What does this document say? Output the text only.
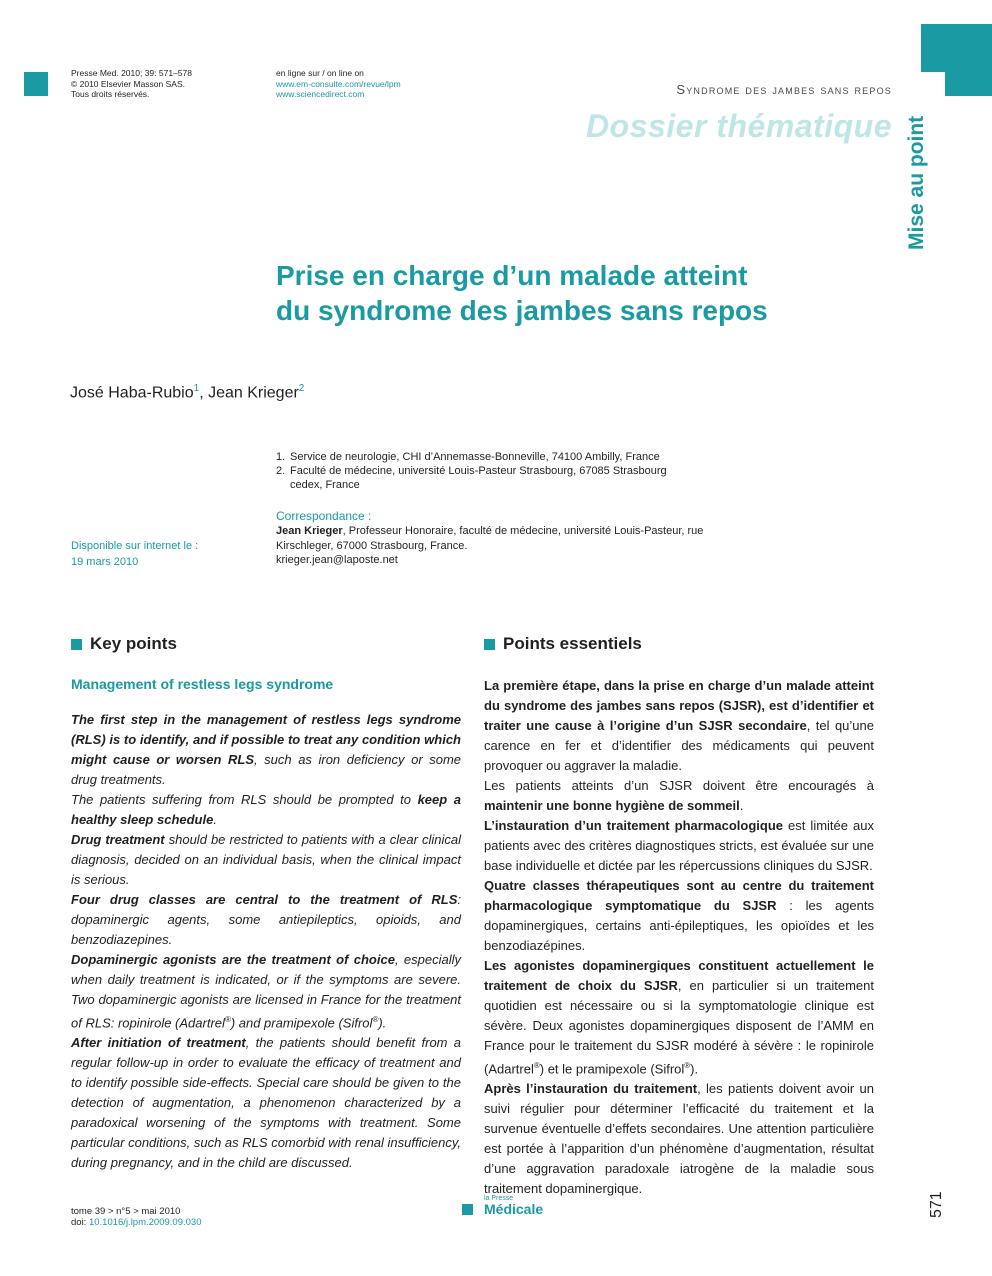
Presse Med. 2010; 39: 571–578
© 2010 Elsevier Masson SAS.
Tous droits réservés.
en ligne sur / on line on
www.em-consulte.com/revue/lpm
www.sciencedirect.com	Syndrome des jambes sans repos
Dossier thématique Mise au point
Prise en charge d’un malade atteint
du syndrome des jambes sans repos
José Haba-Rubio$^1$, Jean Krieger$^2$
1. Service de neurologie, CHI d’Annemasse-Bonneville, 74100 Ambilly, France
2. Faculté de médecine, université Louis-Pasteur Strasbourg, 67085 Strasbourg cedex, France
Correspondance :
Jean Krieger, Professeur Honoraire, faculté de médecine, université Louis-Pasteur, rue Kirschleger, 67000 Strasbourg, France.
krieger.jean@laposte.net
Disponible sur internet le :
19 mars 2010
Key points
Management of restless legs syndrome

The first step in the management of restless legs syndrome (RLS) is to identify, and if possible to treat any condition which might cause or worsen RLS, such as iron deficiency or some drug treatments.

The patients suffering from RLS should be prompted to keep a healthy sleep schedule.

Drug treatment should be restricted to patients with a clear clinical diagnosis, decided on an individual basis, when the clinical impact is serious.

Four drug classes are central to the treatment of RLS: dopaminergic agents, some antiepileptics, opioids, and benzodiazepines.

Dopaminergic agonists are the treatment of choice, especially when daily treatment is indicated, or if the symptoms are severe. Two dopaminergic agonists are licensed in France for the treatment of RLS: ropinirole (Adartrel®) and pramipexole (Sifrol®).

After initiation of treatment, the patients should benefit from a regular follow-up in order to evaluate the efficacy of treatment and to identify possible side-effects. Special care should be given to the detection of augmentation, a phenomenon characterized by a paradoxical worsening of the symptoms with treatment. Some particular conditions, such as RLS comorbid with renal insufficiency, during pregnancy, and in the child are discussed.

Points essentiels

La première étape, dans la prise en charge d’un malade atteint du syndrome des jambes sans repos (SJSR), est d’identifier et traiter une cause à l’origine d’un SJSR secondaire, tel qu’une carence en fer et d’identifier des médicaments qui peuvent provoquer ou aggraver la maladie.

Les patients atteints d’un SJSR doivent être encouragés à maintenir une bonne hygiène de sommeil.

L’instauration d’un traitement pharmacologique est limitée aux patients avec des critères diagnostiques stricts, est évaluée sur une base individuelle et dictée par les répercussions cliniques du SJSR.

Quatre classes thérapeutiques sont au centre du traitement pharmacologique symptomatique du SJSR : les agents dopaminergiques, certains anti-épileptiques, les opioïdes et les benzodiazépines.

Les agonistes dopaminergiques constituent actuellement le traitement de choix du SJSR, en particulier si un traitement quotidien est nécessaire ou si la symptomatologie clinique est sévère. Deux agonistes dopaminergiques disposent de l’AMM en France pour le traitement du SJSR modéré à sévère : le ropinirole (Adartrel®) et le pramipexole (Sifrol®).

Après l’instauration du traitement, les patients doivent avoir un suivi régulier pour déterminer l’efficacité du traitement et la survenue éventuelle d’effets secondaires. Une attention particulière est portée à l’apparition d’un phénomène d’augmentation, résultat d’une aggravation paradoxale iatrogène de la maladie sous traitement dopaminergique.

tome 39 > n°5 > mai 2010
doi: 10.1016/j.lpm.2009.09.030
la Presse
Médicale	571
